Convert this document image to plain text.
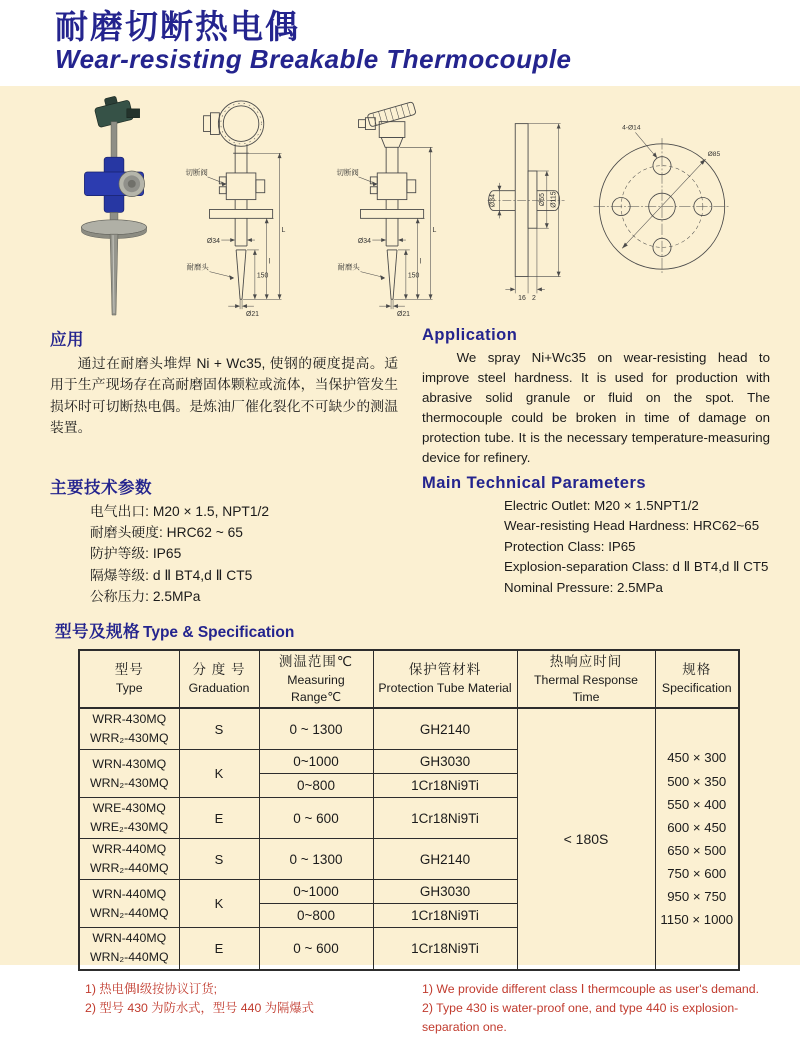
耐磨切断热电偶
Wear-resisting Breakable Thermocouple
切断阀
Ø34
耐磨头
150
Ø21
l
L
切断阀
Ø34
耐磨头
150
Ø21
l
L
Ø34	Ø65 Ø115
16 2
Ø85
4-Ø14
应用
通过在耐磨头堆焊 Ni + Wc35, 使钢的硬度提高。适用于生产现场存在高耐磨固体颗粒或流体，当保护管发生损坏时可切断热电偶。是炼油厂催化裂化不可缺少的测温装置。
Application
We spray Ni+Wc35 on wear-resisting head to improve steel hardness. It is used for production with abrasive solid granule or fluid on the spot. The thermocouple could be broken in time of damage on protection tube. It is the necessary temperature-measuring device for refinery.
主要技术参数
电气出口: M20 × 1.5, NPT1/2
耐磨头硬度: HRC62 ~ 65
防护等级: IP65
隔爆等级: d Ⅱ BT4,d Ⅱ CT5
公称压力: 2.5MPa
Main Technical Parameters
Electric Outlet: M20 × 1.5NPT1/2
Wear-resisting Head Hardness: HRC62~65
Protection Class: IP65
Explosion-separation Class: d Ⅱ BT4,d Ⅱ CT5
Nominal Pressure: 2.5MPa
型号及规格 Type & Specification
型号
Type

分 度 号
Graduation

测温范围℃
Measuring Range℃

保护管材料
Protection Tube Material

热响应时间
Thermal Response Time

规格
Specification

WRR-430MQ
WRR₂-430MQ
	S	0 ~ 1300	GH2140	< 180S	
450 × 300
500 × 350
550 × 400
600 × 450
650 × 500
750 × 600
950 × 750
1150 × 1000

WRN-430MQ
WRN₂-430MQ	K	0~1000	GH3030		
		0~800	1Cr18Ni9Ti		

WRE-430MQ
WRE₂-430MQ	E	0 ~ 600	1Cr18Ni9Ti		

WRR-440MQ
WRR₂-440MQ	S	0 ~ 1300	GH2140		

WRN-440MQ
WRN₂-440MQ	K	0~1000	GH3030		
		0~800	1Cr18Ni9Ti		

WRN-440MQ
WRN₂-440MQ	E	0 ~ 600	1Cr18Ni9Ti		
1) 热电偶Ⅰ级按协议订货;
2) 型号 430 为防水式，型号 440 为隔爆式
1) We provide different class Ⅰ thermcouple as user's demand.
2) Type 430 is water-proof one, and type 440 is explosion-separation one.
